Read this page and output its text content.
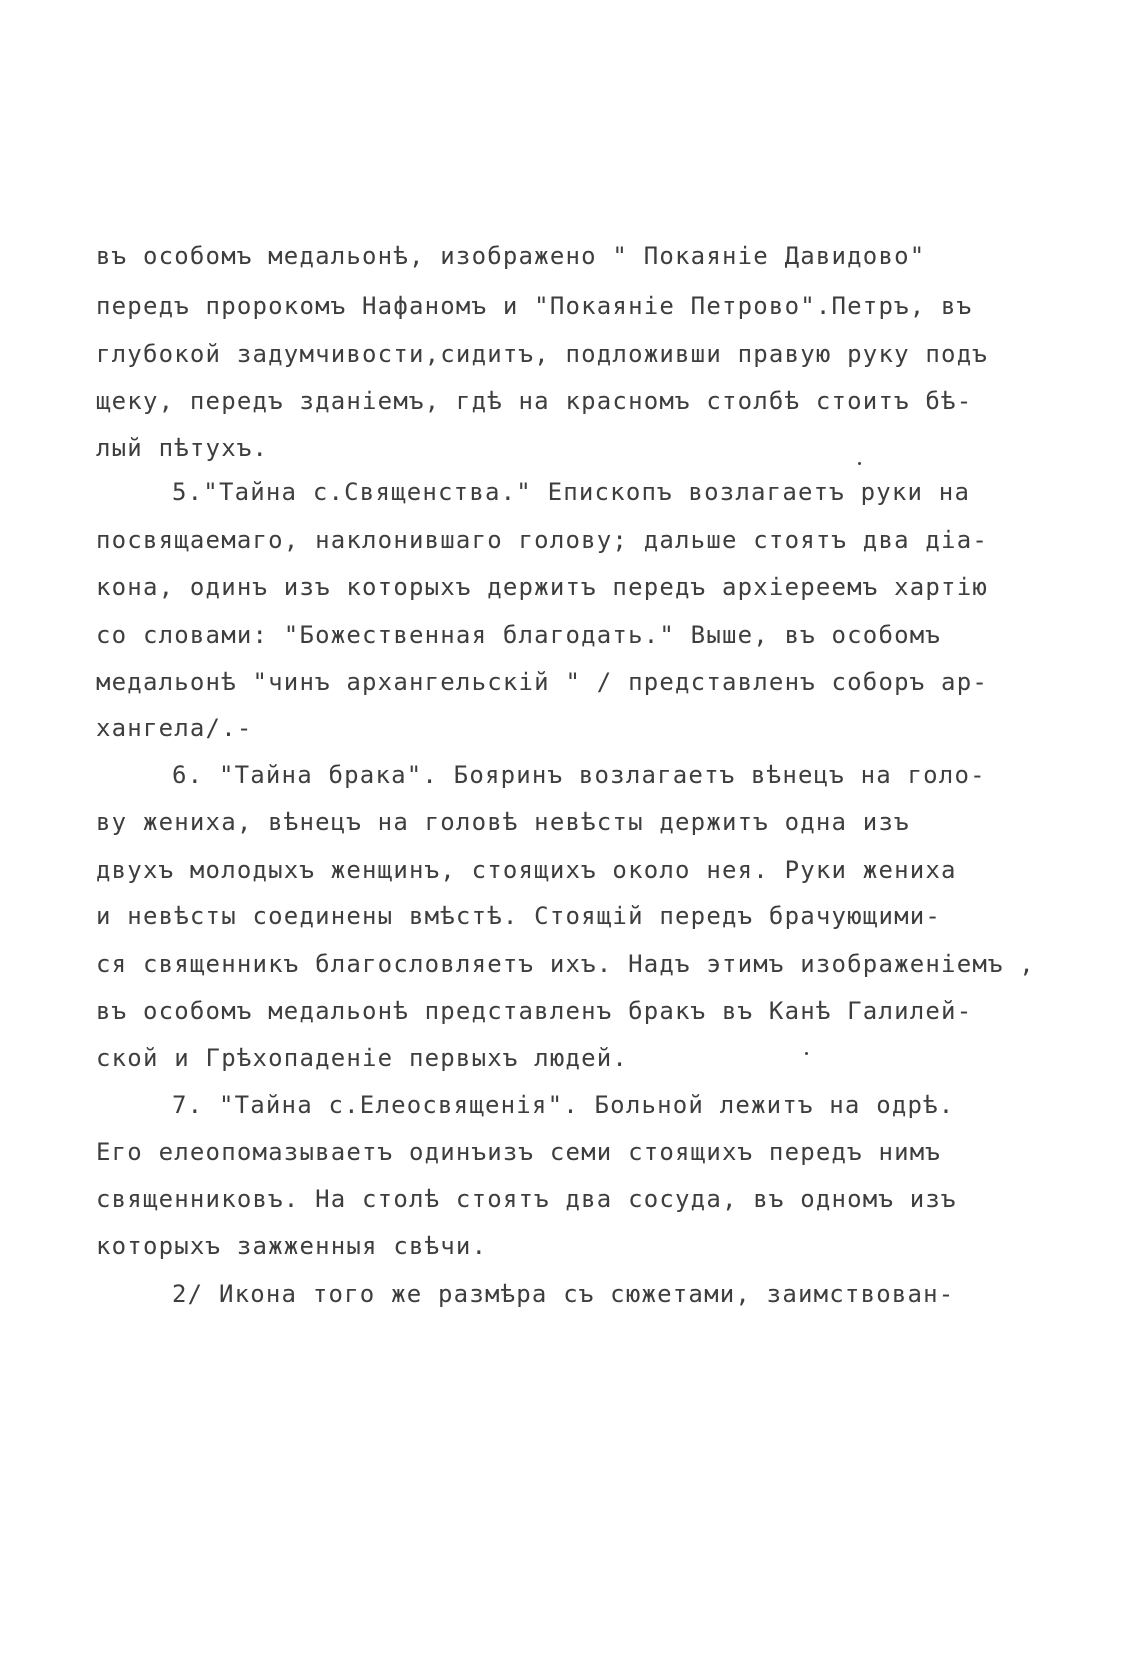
въ особомъ медальонѣ, изображено " Покаяніе Давидово"
передъ пророкомъ Нафаномъ и "Покаяніе Петрово".Петръ, въ
глубокой задумчивости,сидитъ, подложивши правую руку подъ
щеку, передъ зданіемъ, гдѣ на красномъ столбѣ стоитъ бѣ-
лый пѣтухъ.
5."Тайна с.Священства." Епископъ возлагаетъ руки на
посвящаемаго, наклонившаго голову; дальше стоятъ два діа-
кона, одинъ изъ которыхъ держитъ передъ архіереемъ хартію
со словами: "Божественная благодать." Выше, въ особомъ
медальонѣ "чинъ архангельскій " / представленъ соборъ ар-
хангела/.-
6. "Тайна брака". Бояринъ возлагаетъ вѣнецъ на голо-
ву жениха, вѣнецъ на головѣ невѣсты держитъ одна изъ
двухъ молодыхъ женщинъ, стоящихъ около нея. Руки жениха
и невѣсты соединены вмѣстѣ. Стоящій передъ брачующими-
ся священникъ благословляетъ ихъ. Надъ этимъ изображеніемъ ,
въ особомъ медальонѣ представленъ бракъ въ Канѣ Галилей-
ской и Грѣхопаденіе первыхъ людей.
7. "Тайна с.Елеосвященія". Больной лежитъ на одрѣ.
Его елеопомазываетъ одинъизъ семи стоящихъ передъ нимъ
священниковъ. На столѣ стоятъ два сосуда, въ одномъ изъ
которыхъ зажженныя свѣчи.
2/ Икона того же размѣра съ сюжетами, заимствован-
